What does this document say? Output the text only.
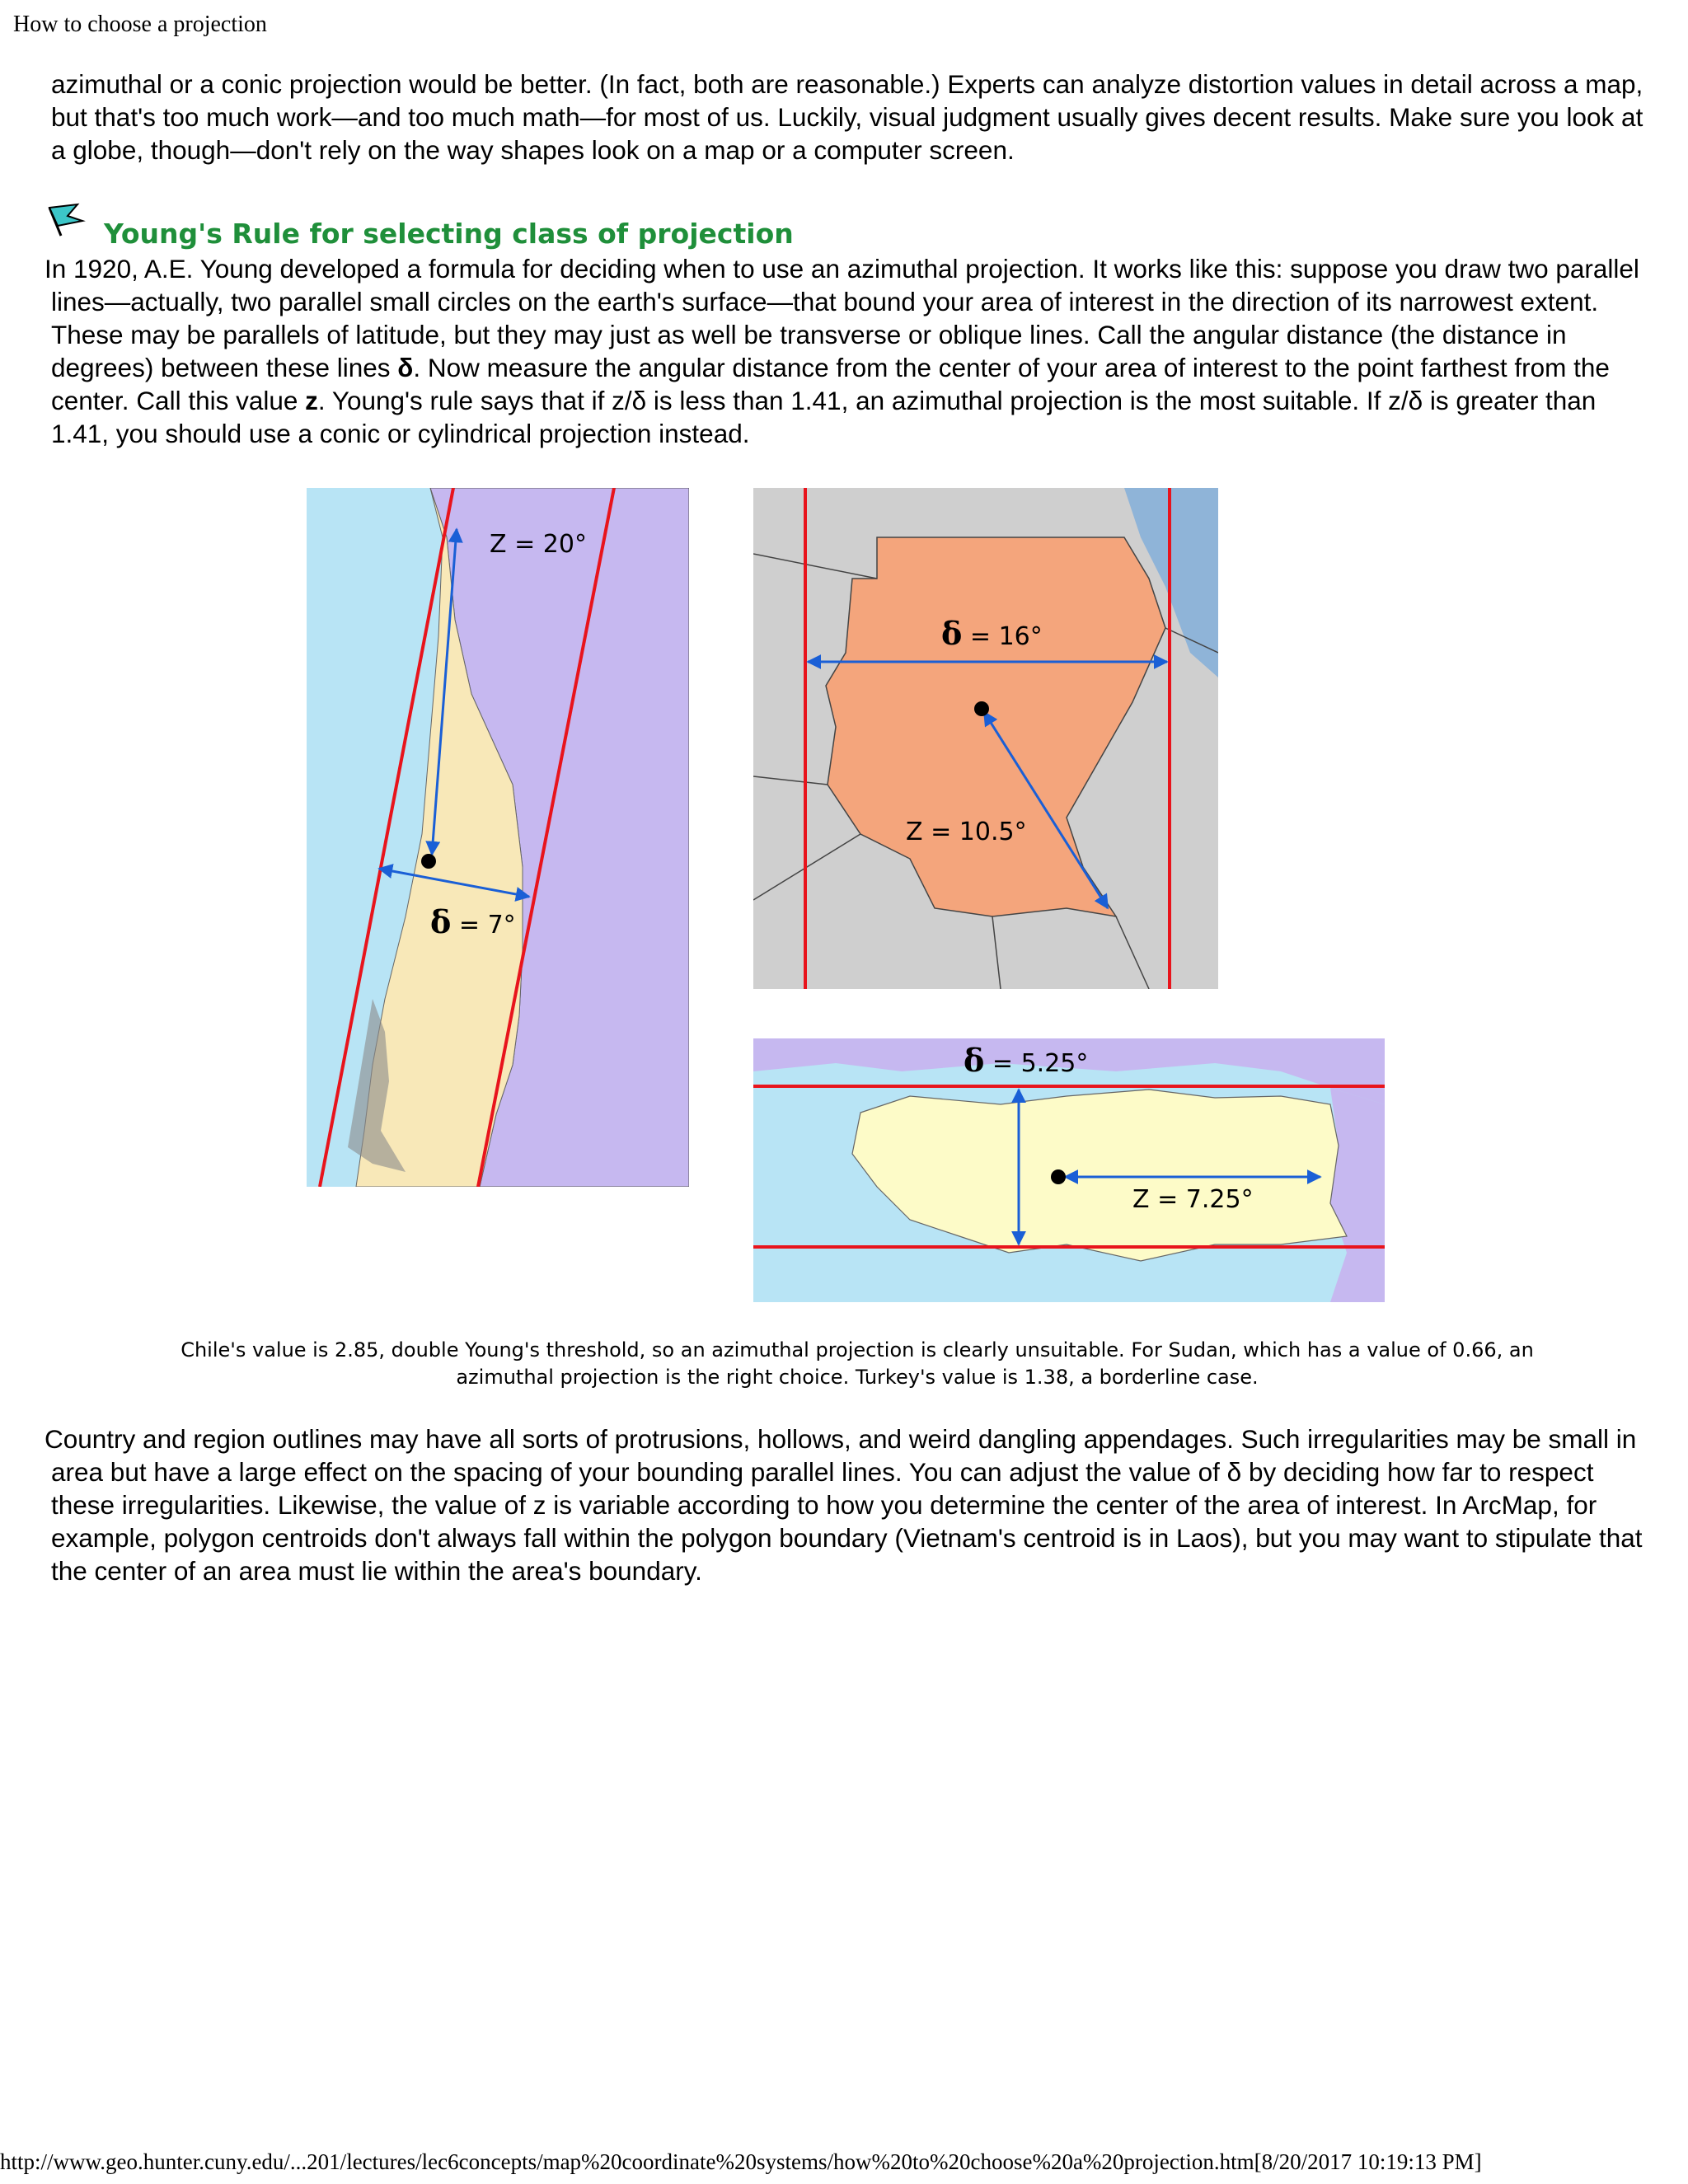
How to choose a projection

azimuthal or a conic projection would be better. (In fact, both are reasonable.) Experts can analyze distortion values in detail across a map, but that's too much work—and too much math—for most of us. Luckily, visual judgment usually gives decent results. Make sure you look at a globe, though—don't rely on the way shapes look on a map or a computer screen.

Young's Rule for selecting class of projection

In 1920, A.E. Young developed a formula for deciding when to use an azimuthal projection. It works like this: suppose you draw two parallel lines—actually, two parallel small circles on the earth's surface—that bound your area of interest in the direction of its narrowest extent. These may be parallels of latitude, but they may just as well be transverse or oblique lines. Call the angular distance (the distance in degrees) between these lines δ. Now measure the angular distance from the center of your area of interest to the point farthest from the center. Call this value z. Young's rule says that if z/δ is less than 1.41, an azimuthal projection is the most suitable. If z/δ is greater than 1.41, you should use a conic or cylindrical projection instead.

Z = 20°
δ = 7°
δ = 16°
Z = 10.5°
δ = 5.25°
Z = 7.25°

Chile's value is 2.85, double Young's threshold, so an azimuthal projection is clearly unsuitable. For Sudan, which has a value of 0.66, an azimuthal projection is the right choice. Turkey's value is 1.38, a borderline case.

Country and region outlines may have all sorts of protrusions, hollows, and weird dangling appendages. Such irregularities may be small in area but have a large effect on the spacing of your bounding parallel lines. You can adjust the value of δ by deciding how far to respect these irregularities. Likewise, the value of z is variable according to how you determine the center of the area of interest. In ArcMap, for example, polygon centroids don't always fall within the polygon boundary (Vietnam's centroid is in Laos), but you may want to stipulate that the center of an area must lie within the area's boundary.

http://www.geo.hunter.cuny.edu/...201/lectures/lec6concepts/map%20coordinate%20systems/how%20to%20choose%20a%20projection.htm[8/20/2017 10:19:13 PM]
